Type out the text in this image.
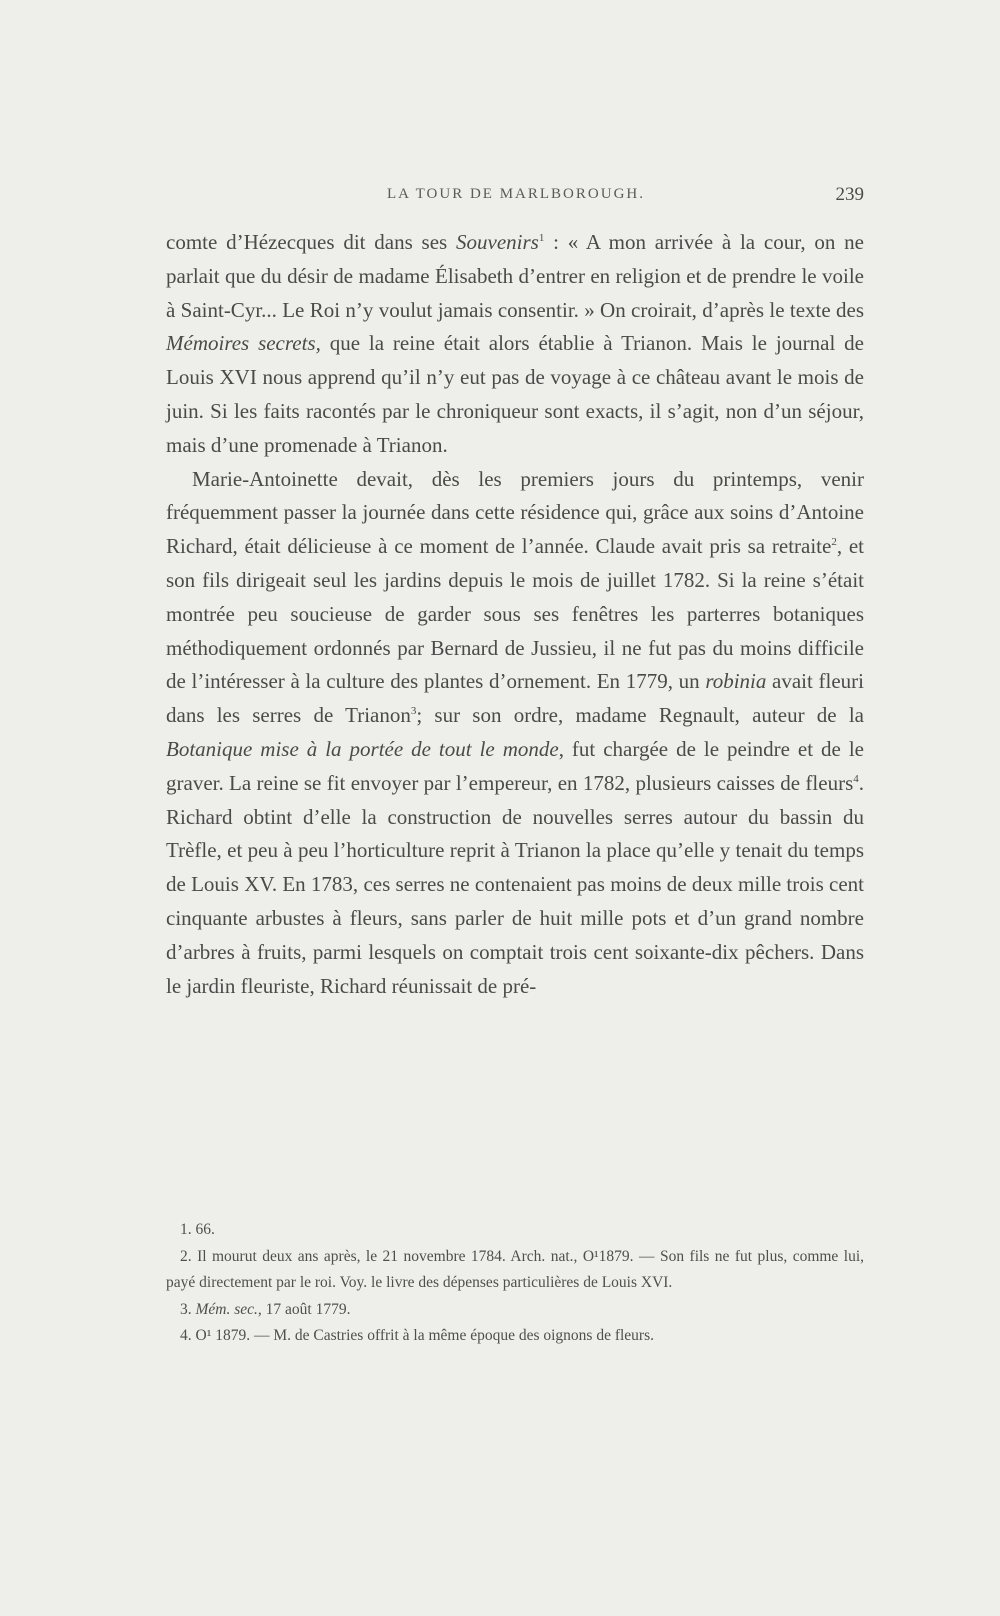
LA TOUR DE MARLBOROUGH.	239

comte d’Hézecques dit dans ses Souvenirs$^1$ : « A mon arrivée à la cour, on ne parlait que du désir de madame Élisabeth d’entrer en religion et de prendre le voile à Saint-Cyr... Le Roi n’y voulut jamais consentir. » On croirait, d’après le texte des Mémoires secrets, que la reine était alors établie à Trianon. Mais le journal de Louis XVI nous apprend qu’il n’y eut pas de voyage à ce château avant le mois de juin. Si les faits racontés par le chroniqueur sont exacts, il s’agit, non d’un séjour, mais d’une promenade à Trianon.

Marie-Antoinette devait, dès les premiers jours du printemps, venir fréquemment passer la journée dans cette résidence qui, grâce aux soins d’Antoine Richard, était délicieuse à ce moment de l’année. Claude avait pris sa retraite$^2$, et son fils dirigeait seul les jardins depuis le mois de juillet 1782. Si la reine s’était montrée peu soucieuse de garder sous ses fenêtres les parterres botaniques méthodiquement ordonnés par Bernard de Jussieu, il ne fut pas du moins difficile de l’intéresser à la culture des plantes d’ornement. En 1779, un robinia avait fleuri dans les serres de Trianon$^3$; sur son ordre, madame Regnault, auteur de la Botanique mise à la portée de tout le monde, fut chargée de le peindre et de le graver. La reine se fit envoyer par l’empereur, en 1782, plusieurs caisses de fleurs$^4$. Richard obtint d’elle la construction de nouvelles serres autour du bassin du Trèfle, et peu à peu l’horticulture reprit à Trianon la place qu’elle y tenait du temps de Louis XV. En 1783, ces serres ne contenaient pas moins de deux mille trois cent cinquante arbustes à fleurs, sans parler de huit mille pots et d’un grand nombre d’arbres à fruits, parmi lesquels on comptait trois cent soixante-dix pêchers. Dans le jardin fleuriste, Richard réunissait de pré-

1. 66.

2. Il mourut deux ans après, le 21 novembre 1784. Arch. nat., O¹1879. — Son fils ne fut plus, comme lui, payé directement par le roi. Voy. le livre des dépenses particulières de Louis XVI.

3. Mém. sec., 17 août 1779.

4. O¹ 1879. — M. de Castries offrit à la même époque des oignons de fleurs.
